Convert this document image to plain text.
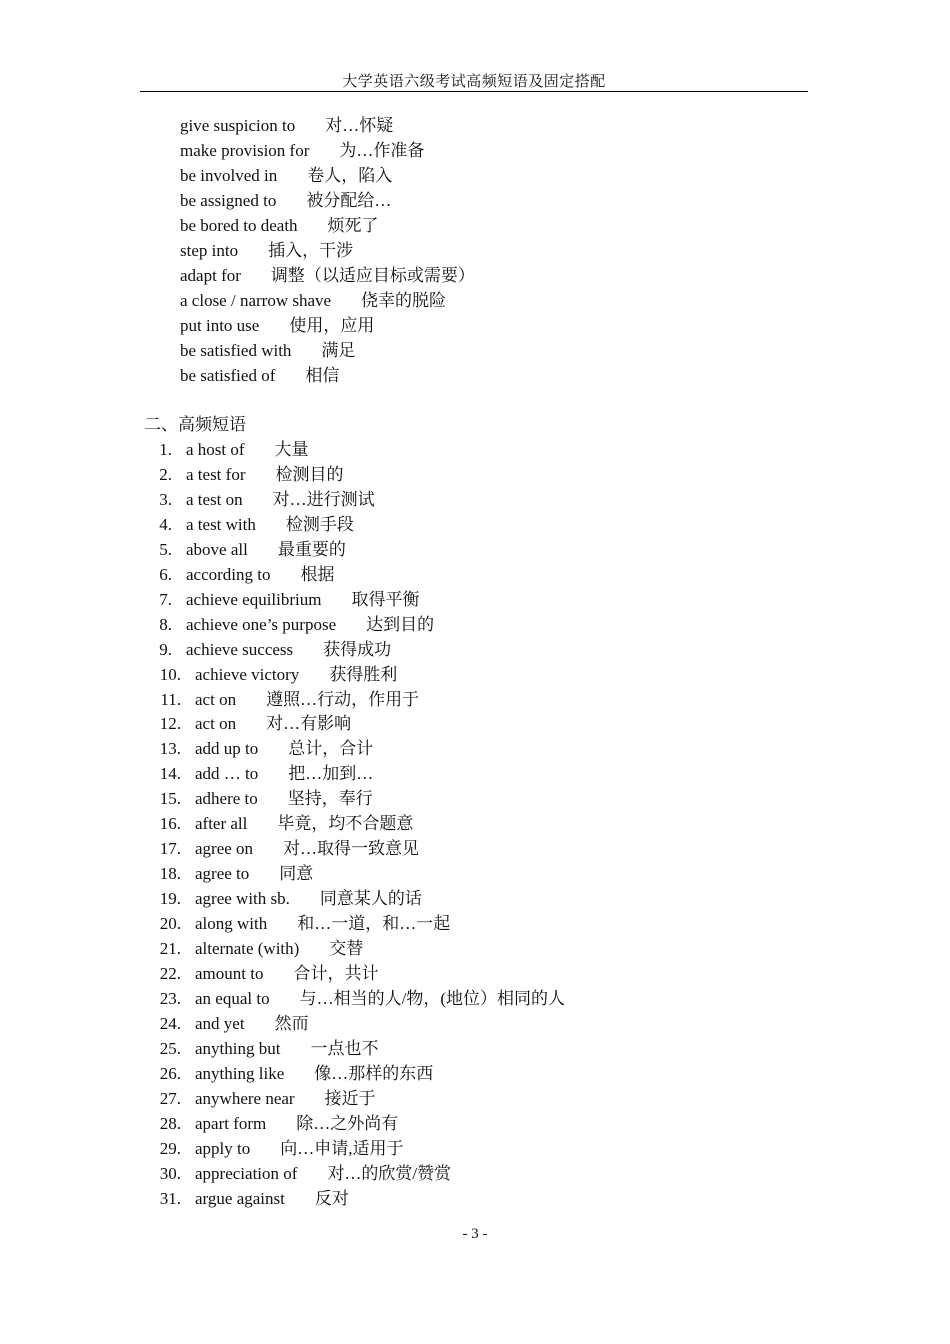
大学英语六级考试高频短语及固定搭配
give suspicion to 对…怀疑
make provision for 为…作准备
be involved in 卷人，陷入
be assigned to 被分配给…
be bored to death 烦死了
step into 插入，干涉
adapt for 调整（以适应目标或需要）
a close / narrow shave 侥幸的脱险
put into use 使用，应用
be satisfied with 满足
be satisfied of 相信
二、高频短语
1. a host of 大量
2. a test for 检测目的
3. a test on 对…进行测试
4. a test with 检测手段
5. above all 最重要的
6. according to 根据
7. achieve equilibrium 取得平衡
8. achieve one’s purpose 达到目的
9. achieve success 获得成功
10. achieve victory 获得胜利
11. act on 遵照…行动，作用于
12. act on 对…有影响
13. add up to 总计，合计
14. add … to 把…加到…
15. adhere to 坚持，奉行
16. after all 毕竟，均不合题意
17. agree on 对…取得一致意见
18. agree to 同意
19. agree with sb. 同意某人的话
20. along with 和…一道，和…一起
21. alternate (with) 交替
22. amount to 合计，共计
23. an equal to 与…相当的人/物，(地位）相同的人
24. and yet 然而
25. anything but 一点也不
26. anything like 像…那样的东西
27. anywhere near 接近于
28. apart form 除…之外尚有
29. apply to 向…申请,适用于
30. appreciation of 对…的欣赏/赞赏
31. argue against 反对
- 3 -
